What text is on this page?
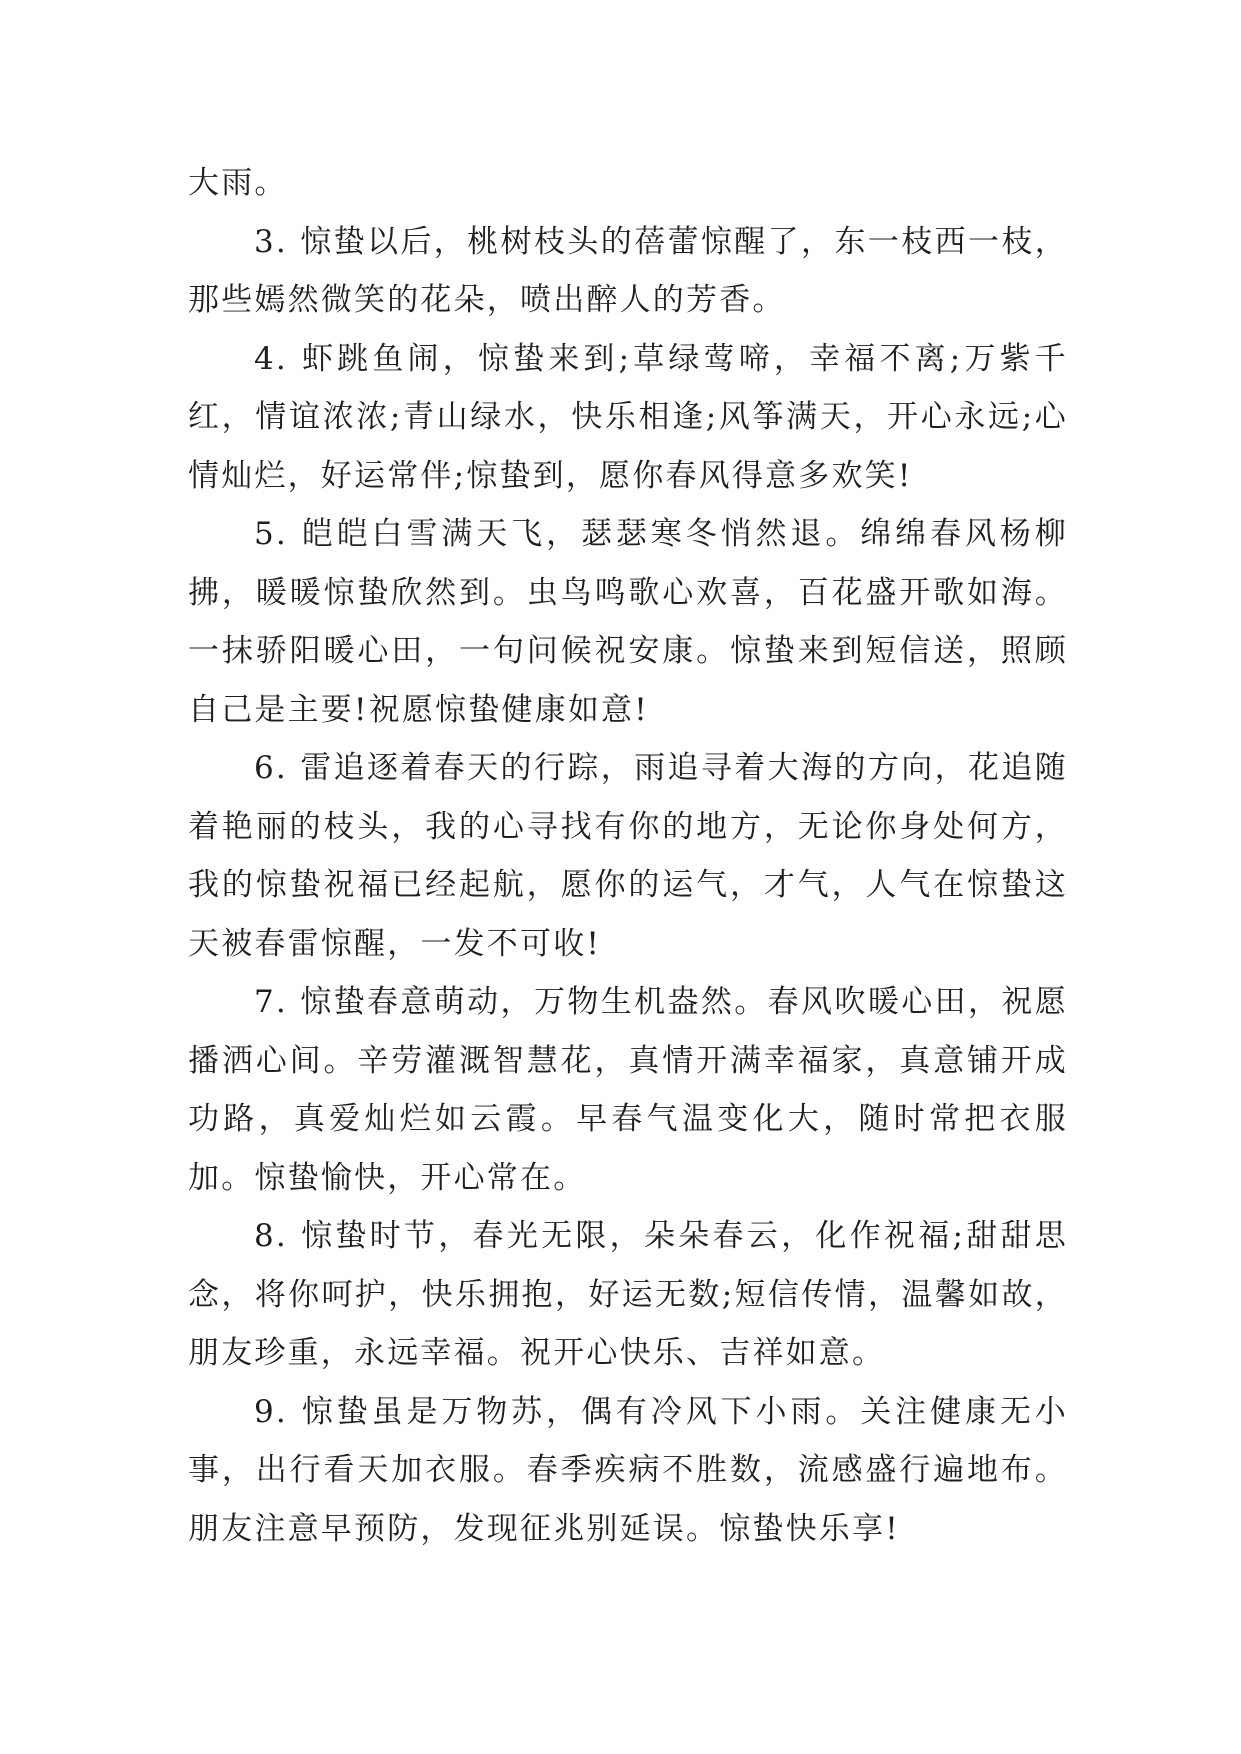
大雨。

3. 惊蛰以后，桃树枝头的蓓蕾惊醒了，东一枝西一枝，那些嫣然微笑的花朵，喷出醉人的芳香。

4. 虾跳鱼闹，惊蛰来到;草绿莺啼，幸福不离;万紫千红，情谊浓浓;青山绿水，快乐相逢;风筝满天，开心永远;心情灿烂，好运常伴;惊蛰到，愿你春风得意多欢笑!

5. 皑皑白雪满天飞，瑟瑟寒冬悄然退。绵绵春风杨柳拂，暖暖惊蛰欣然到。虫鸟鸣歌心欢喜，百花盛开歌如海。一抹骄阳暖心田，一句问候祝安康。惊蛰来到短信送，照顾自己是主要!祝愿惊蛰健康如意!

6. 雷追逐着春天的行踪，雨追寻着大海的方向，花追随着艳丽的枝头，我的心寻找有你的地方，无论你身处何方，我的惊蛰祝福已经起航，愿你的运气，才气，人气在惊蛰这天被春雷惊醒，一发不可收!

7. 惊蛰春意萌动，万物生机盎然。春风吹暖心田，祝愿播洒心间。辛劳灌溉智慧花，真情开满幸福家，真意铺开成功路，真爱灿烂如云霞。早春气温变化大，随时常把衣服加。惊蛰愉快，开心常在。

8. 惊蛰时节，春光无限，朵朵春云，化作祝福;甜甜思念，将你呵护，快乐拥抱，好运无数;短信传情，温馨如故，朋友珍重，永远幸福。祝开心快乐、吉祥如意。

9. 惊蛰虽是万物苏，偶有冷风下小雨。关注健康无小事，出行看天加衣服。春季疾病不胜数，流感盛行遍地布。朋友注意早预防，发现征兆别延误。惊蛰快乐享!
